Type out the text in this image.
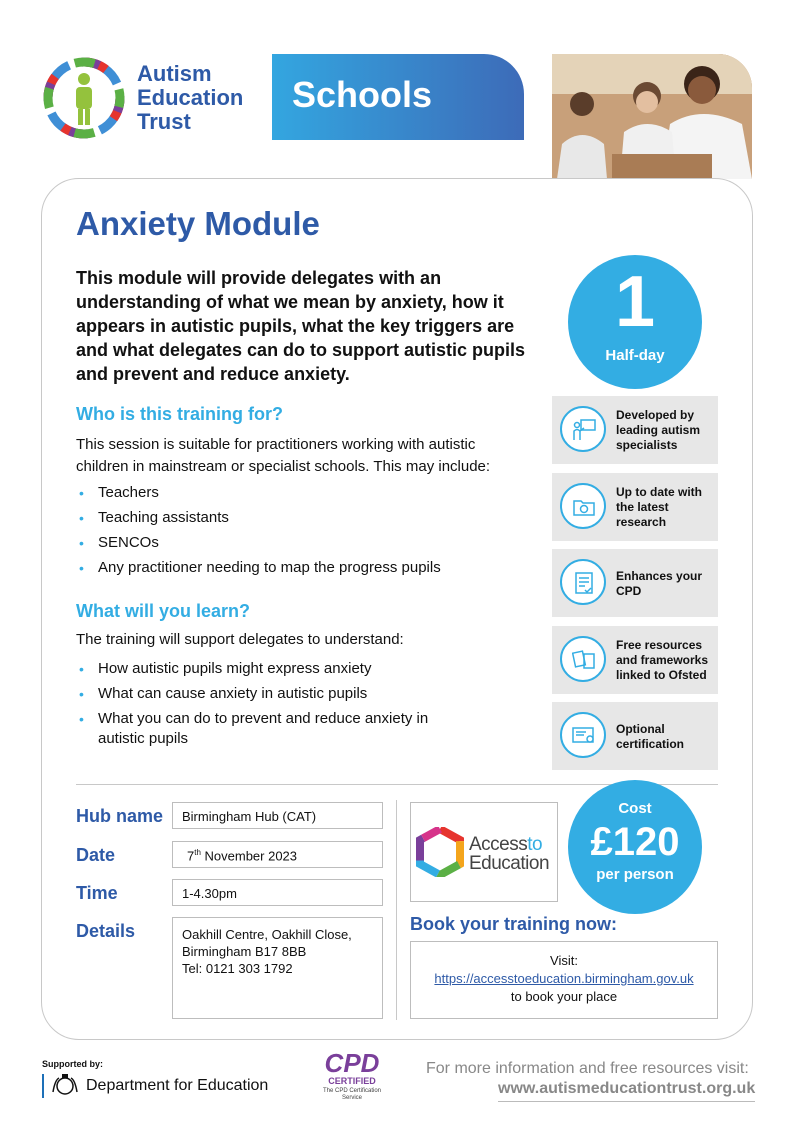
Autism
Education
Trust
Schools
Anxiety Module
This module will provide delegates with an understanding of what we mean by anxiety, how it appears in autistic pupils, what the key triggers are and what delegates can do to support autistic pupils and prevent and reduce anxiety.
1
Half-day
Who is this training for?
This session is suitable for practitioners working with autistic children in mainstream or specialist schools. This may include:
• Teachers
• Teaching assistants
• SENCOs
• Any practitioner needing to map the progress pupils
What will you learn?
The training will support delegates to understand:
• How autistic pupils might express anxiety
• What can cause anxiety in autistic pupils
• What you can do to prevent and reduce anxiety in autistic pupils
Developed by leading autism specialists
Up to date with the latest research
Enhances your CPD
Free resources and frameworks linked to Ofsted
Optional certification
Hub name	Birmingham Hub (CAT)
Date	7th November 2023
Time	1-4.30pm
Details	Oakhill Centre, Oakhill Close,
Birmingham B17 8BB
Tel: 0121 303 1792
Accessto
Education
Cost
£120
per person
Book your training now:
Visit:
https://accesstoeducation.birmingham.gov.uk
to book your place
Supported by:
Department for Education
CPD
CERTIFIED
The CPD Certification Service
For more information and free resources visit:
www.autismeducationtrust.org.uk
